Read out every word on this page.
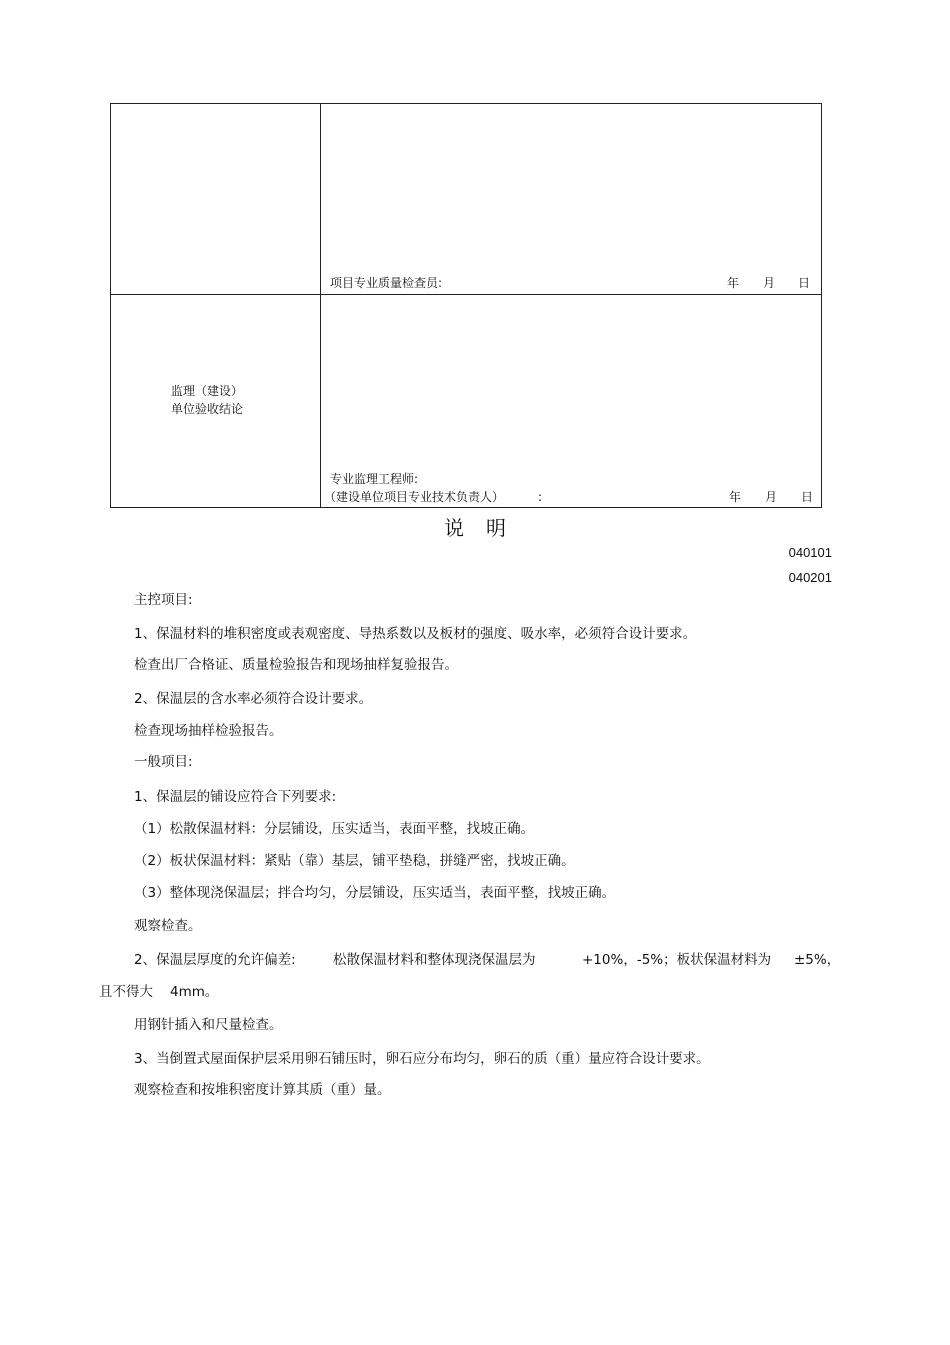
项目专业质量检查员:	年 月 日
监理（建设）
单位验收结论
专业监理工程师:
（建设单位项目专业技术负责人）	:	年 月 日
说明
040101
040201
主控项目:
1、保温材料的堆积密度或表观密度、导热系数以及板材的强度、吸水率，必须符合设计要求。
检查出厂合格证、质量检验报告和现场抽样复验报告。
2、保温层的含水率必须符合设计要求。
检查现场抽样检验报告。
一般项目:
1、保温层的铺设应符合下列要求:
（1）松散保温材料：分层铺设，压实适当，表面平整，找坡正确。
（2）板状保温材料：紧贴（靠）基层，铺平垫稳，拼缝严密，找坡正确。
（3）整体现浇保温层；拌合均匀，分层铺设，压实适当，表面平整，找坡正确。
观察检查。
2、保温层厚度的允许偏差:	松散保温材料和整体现浇保温层为	+10%，-5%；板状保温材料为 ±5%，
且不得大 4mm。
用钢针插入和尺量检查。
3、当倒置式屋面保护层采用卵石铺压时，卵石应分布均匀，卵石的质（重）量应符合设计要求。
观察检查和按堆积密度计算其质（重）量。
